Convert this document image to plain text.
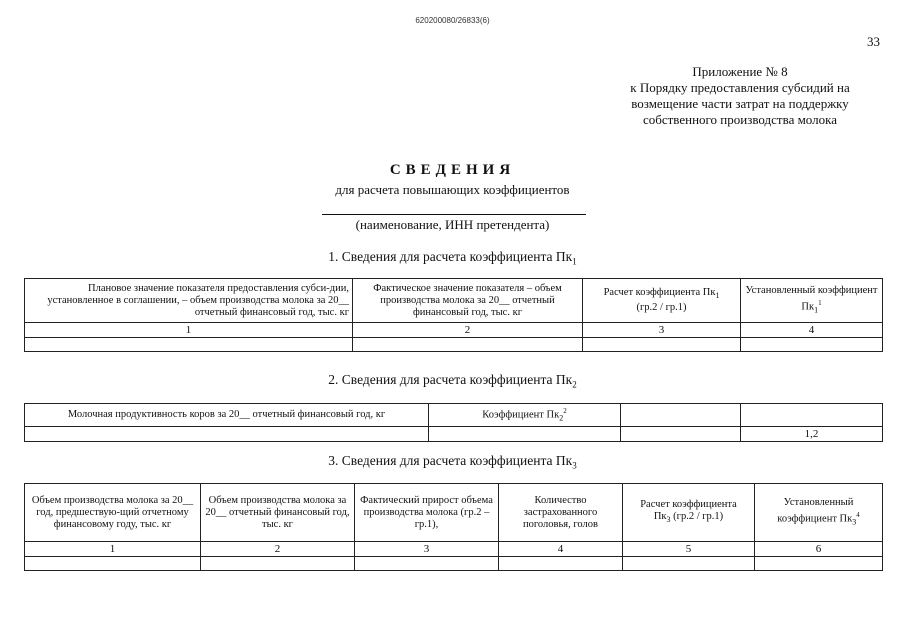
620200080/26833(6)
33
Приложение № 8
к Порядку предоставления субсидий на
возмещение части затрат на поддержку
собственного производства молока
СВЕДЕНИЯ
для расчета повышающих коэффициентов
(наименование, ИНН претендента)
1. Сведения для расчета коэффициента $Пк_1$
Плановое значение показателя предоставления субси-дии, установленное в соглашении, – объем производства молока за 20__ отчетный финансовый год, тыс. кг	Фактическое значение показателя – объем производства молока за 20__ отчетный финансовый год, тыс. кг	Расчет коэффициента $Пк_1$
(гр.2 / гр.1)	Установленный коэффициент $Пк_1^1$
1	2	3	4

2. Сведения для расчета коэффициента $Пк_2$
Молочная продуктивность коров за 20__ отчетный финансовый год, кг	Коэффициент $Пк_2^2$		
			1,2
3. Сведения для расчета коэффициента $Пк_3$
Объем производства молока за 20__ год, предшествую-щий отчетному финансовому году, тыс. кг	Объем производства молока за 20__ отчетный финансовый год, тыс. кг	Фактический прирост объема производства молока (гр.2 – гр.1),	Количество застрахованного поголовья, голов	Расчет коэффициента
$Пк_3$ (гр.2 / гр.1)	Установленный коэффициент $Пк_3^4$
1	2	3	4	5	6
